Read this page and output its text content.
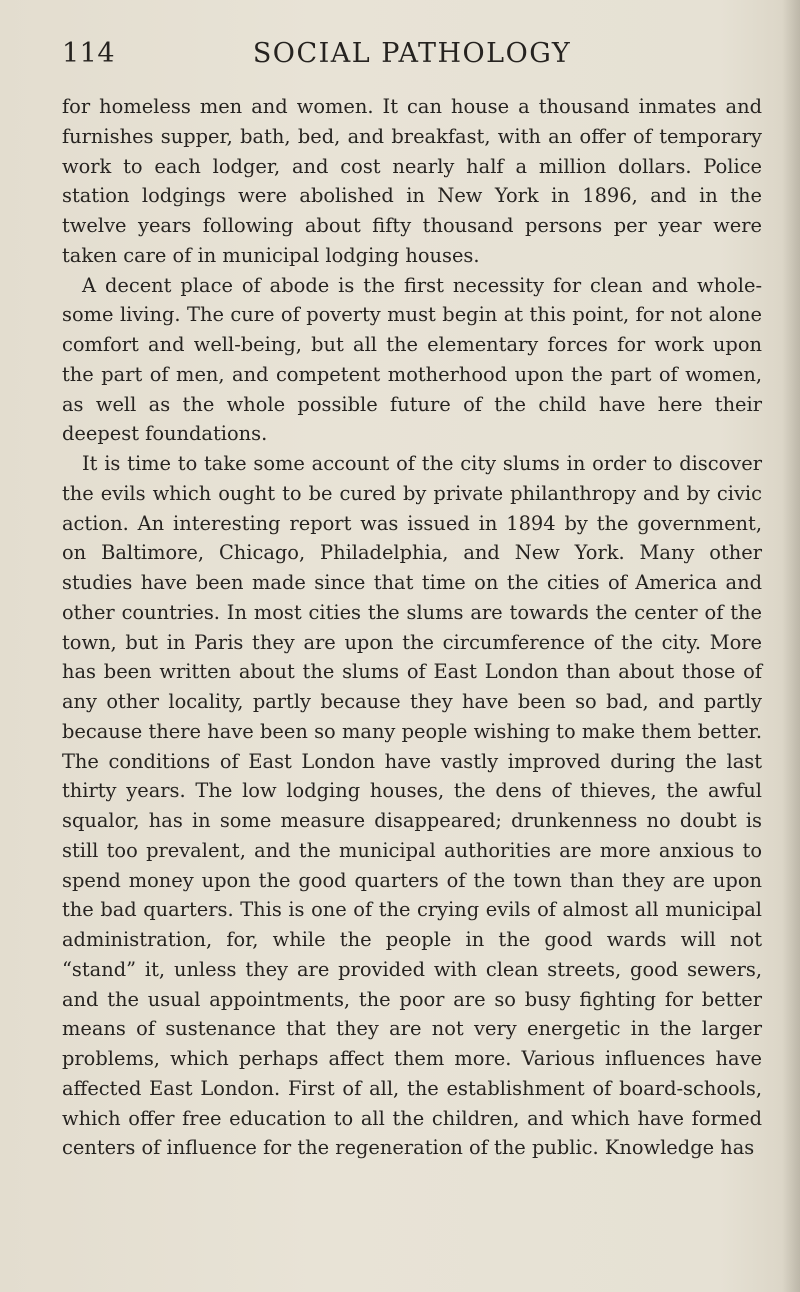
114	SOCIAL PATHOLOGY

for homeless men and women. It can house a thousand inmates and furnishes supper, bath, bed, and breakfast, with an offer of temporary work to each lodger, and cost nearly half a million dollars. Police station lodgings were abolished in New York in 1896, and in the twelve years following about fifty thousand persons per year were taken care of in municipal lodging houses.

A decent place of abode is the first necessity for clean and whole-some living. The cure of poverty must begin at this point, for not alone comfort and well-being, but all the elementary forces for work upon the part of men, and competent motherhood upon the part of women, as well as the whole possible future of the child have here their deepest foundations.

It is time to take some account of the city slums in order to discover the evils which ought to be cured by private philanthropy and by civic action. An interesting report was issued in 1894 by the government, on Baltimore, Chicago, Philadelphia, and New York. Many other studies have been made since that time on the cities of America and other countries. In most cities the slums are towards the center of the town, but in Paris they are upon the circumference of the city. More has been written about the slums of East London than about those of any other locality, partly because they have been so bad, and partly because there have been so many people wishing to make them better. The conditions of East London have vastly improved during the last thirty years. The low lodging houses, the dens of thieves, the awful squalor, has in some measure disappeared; drunkenness no doubt is still too prevalent, and the municipal authorities are more anxious to spend money upon the good quarters of the town than they are upon the bad quarters. This is one of the crying evils of almost all municipal administration, for, while the people in the good wards will not “stand” it, unless they are provided with clean streets, good sewers, and the usual appointments, the poor are so busy fighting for better means of sustenance that they are not very energetic in the larger problems, which perhaps affect them more. Various influences have affected East London. First of all, the establishment of board-schools, which offer free education to all the children, and which have formed centers of influence for the regeneration of the public. Knowledge has
